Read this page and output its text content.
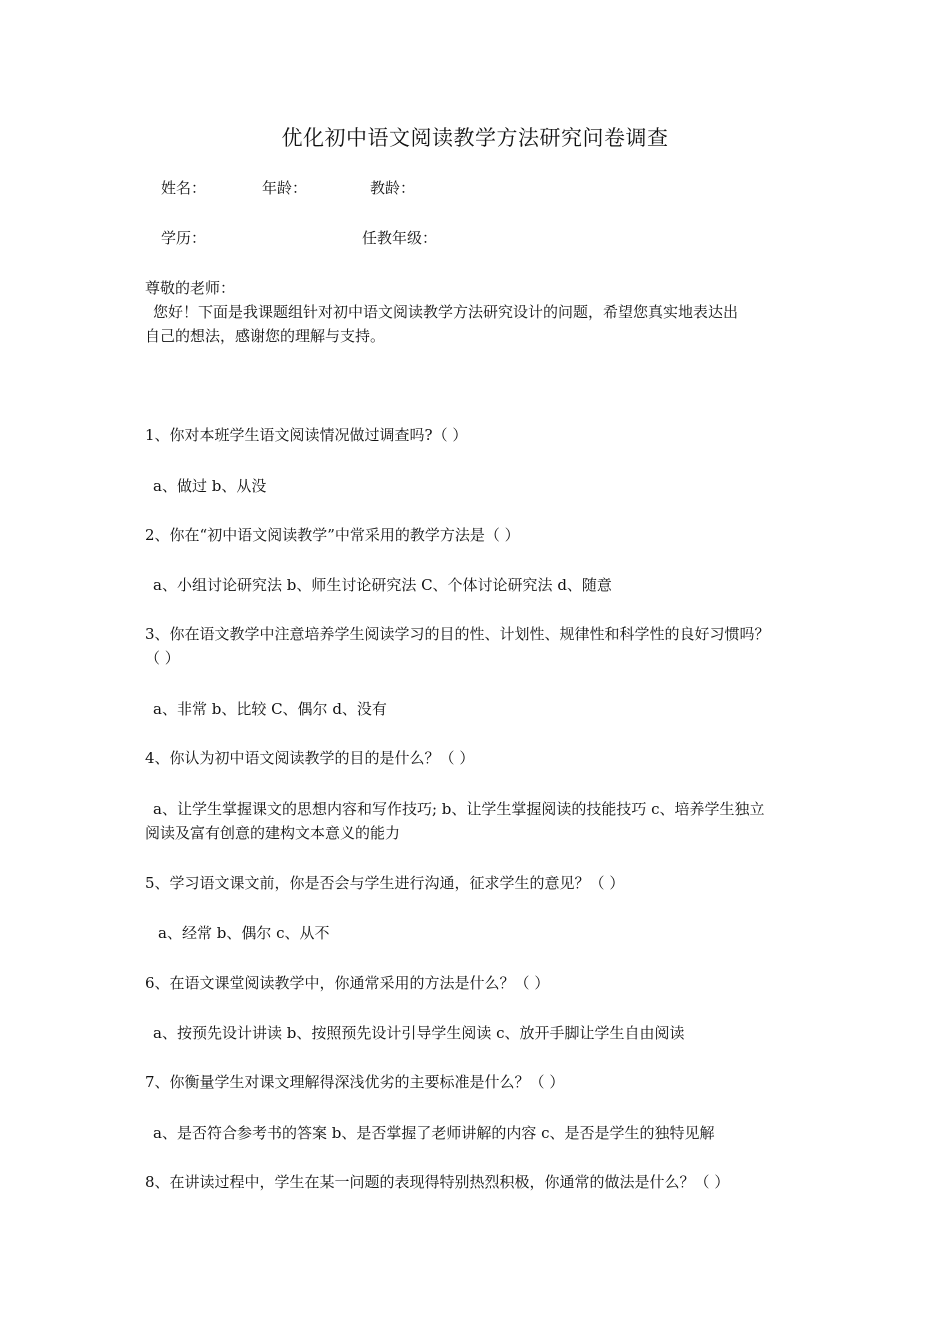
优化初中语文阅读教学方法研究问卷调查
姓名：	年龄：	教龄：
学历：	任教年级：
尊敬的老师：
您好！下面是我课题组针对初中语文阅读教学方法研究设计的问题，希望您真实地表达出
自己的想法，感谢您的理解与支持。
1、你对本班学生语文阅读情况做过调查吗?（ ）
a、做过 b、从没
2、你在“初中语文阅读教学”中常采用的教学方法是（ ）
a、小组讨论研究法 b、师生讨论研究法 C、个体讨论研究法 d、随意
3、你在语文教学中注意培养学生阅读学习的目的性、计划性、规律性和科学性的良好习惯吗？
（ ）
a、非常 b、比较 C、偶尔 d、没有
4、你认为初中语文阅读教学的目的是什么？（ ）
a、让学生掌握课文的思想内容和写作技巧; b、让学生掌握阅读的技能技巧 c、培养学生独立
阅读及富有创意的建构文本意义的能力
5、学习语文课文前，你是否会与学生进行沟通，征求学生的意见？（ ）
a、经常 b、偶尔 c、从不
6、在语文课堂阅读教学中，你通常采用的方法是什么？（ ）
a、按预先设计讲读 b、按照预先设计引导学生阅读 c、放开手脚让学生自由阅读
7、你衡量学生对课文理解得深浅优劣的主要标准是什么？（ ）
a、是否符合参考书的答案 b、是否掌握了老师讲解的内容 c、是否是学生的独特见解
8、在讲读过程中，学生在某一问题的表现得特别热烈积极，你通常的做法是什么？（ ）
